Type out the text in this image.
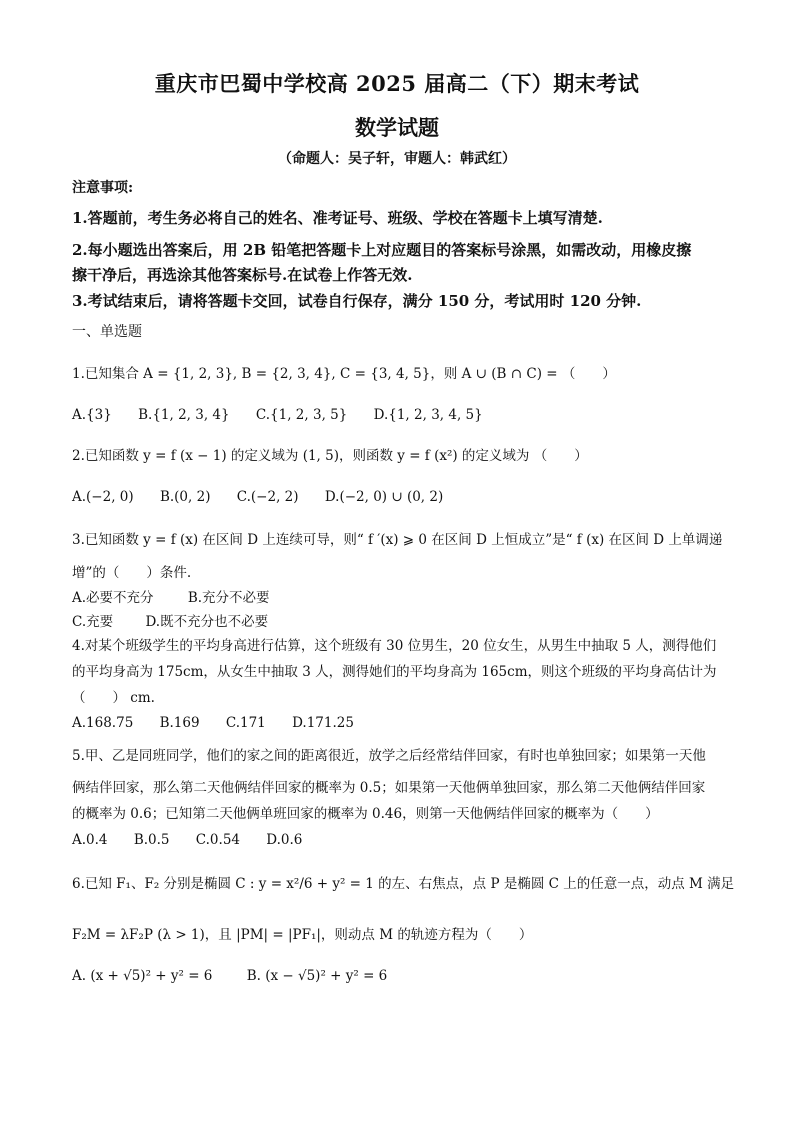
重庆市巴蜀中学校高 2025 届高二（下）期末考试
数学试题
（命题人：吴子轩，审题人：韩武红）
注意事项:
1.答题前，考生务必将自己的姓名、准考证号、班级、学校在答题卡上填写清楚.
2.每小题选出答案后，用 2B 铅笔把答题卡上对应题目的答案标号涂黑，如需改动，用橡皮擦
擦干净后，再选涂其他答案标号.在试卷上作答无效.
3.考试结束后，请将答题卡交回，试卷自行保存，满分 150 分，考试用时 120 分钟.
一、单选题
1.已知集合 A = {1, 2, 3}, B = {2, 3, 4}, C = {3, 4, 5}，则 A ∪ (B ∩ C) = （　　）
A.{3} B.{1, 2, 3, 4} C.{1, 2, 3, 5} D.{1, 2, 3, 4, 5}
2.已知函数 y = f (x − 1) 的定义域为 (1, 5)，则函数 y = f (x²) 的定义域为 （　　）
A.(−2, 0) B.(0, 2) C.(−2, 2) D.(−2, 0) ∪ (0, 2)
3.已知函数 y = f (x) 在区间 D 上连续可导，则“ f ′(x) ⩾ 0 在区间 D 上恒成立”是“ f (x) 在区间 D 上单调递
增”的（　　）条件.
A.必要不充分	B.充分不必要
C.充要 D.既不充分也不必要
4.对某个班级学生的平均身高进行估算，这个班级有 30 位男生，20 位女生，从男生中抽取 5 人，测得他们
的平均身高为 175cm，从女生中抽取 3 人，测得她们的平均身高为 165cm，则这个班级的平均身高估计为
（　　） cm.
A.168.75 B.169 C.171 D.171.25
5.甲、乙是同班同学，他们的家之间的距离很近，放学之后经常结伴回家，有时也单独回家；如果第一天他
俩结伴回家，那么第二天他俩结伴回家的概率为 0.5；如果第一天他俩单独回家，那么第二天他俩结伴回家
的概率为 0.6；已知第二天他俩单班回家的概率为 0.46，则第一天他俩结伴回家的概率为（　　）
A.0.4 B.0.5 C.0.54 D.0.6
6.已知 F₁、F₂ 分别是椭圆 C : y = x²/6 + y² = 1 的左、右焦点，点 P 是椭圆 C 上的任意一点，动点 M 满足
F₂M = λF₂P (λ > 1)，且 |PM| = |PF₁|，则动点 M 的轨迹方程为（　　）
A. (x + √5)² + y² = 6	B. (x − √5)² + y² = 6
